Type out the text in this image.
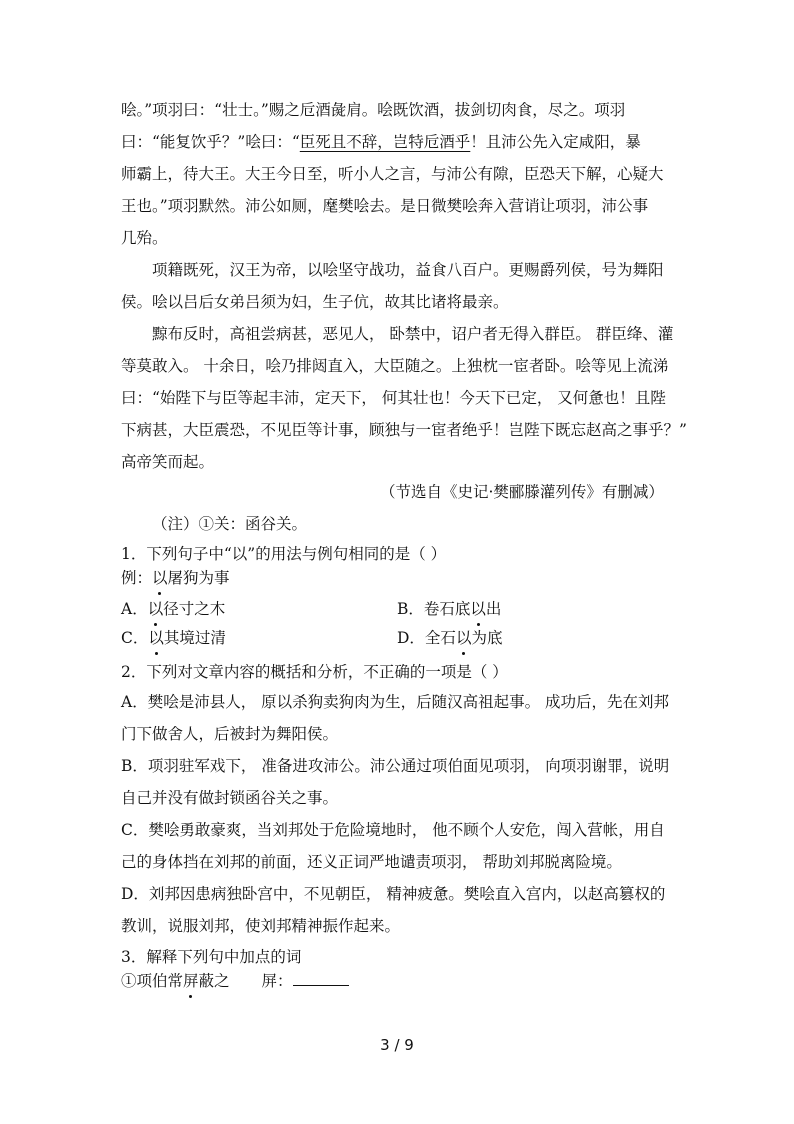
哙。”项羽曰：“壮士。”赐之卮酒彘肩。哙既饮酒，拔剑切肉食，尽之。项羽
曰：“能复饮乎？”哙曰：“臣死且不辞，岂特卮酒乎！且沛公先入定咸阳，暴
师霸上，待大王。大王今日至，听小人之言，与沛公有隙，臣恐天下解，心疑大
王也。”项羽默然。沛公如厕，麾樊哙去。是日微樊哙奔入营诮让项羽，沛公事
几殆。
项籍既死，汉王为帝，以哙坚守战功，益食八百户。更赐爵列侯，号为舞阳
侯。哙以吕后女弟吕须为妇，生子伉，故其比诸将最亲。
黥布反时，高祖尝病甚，恶见人， 卧禁中，诏户者无得入群臣。 群臣绛、灌
等莫敢入。 十余日，哙乃排闼直入，大臣随之。上独枕一宦者卧。哙等见上流涕
曰：“始陛下与臣等起丰沛，定天下， 何其壮也！今天下已定， 又何惫也！且陛
下病甚，大臣震恐，不见臣等计事，顾独与一宦者绝乎！岂陛下既忘赵高之事乎？”
高帝笑而起。
（节选自《史记·樊郦滕灌列传》有删减）
（注）①关：函谷关。
1．下列句子中“以”的用法与例句相同的是（ ）
例：以屠狗为事
A．以径寸之木	B．卷石底以出
C．以其境过清	D．全石以为底
2．下列对文章内容的概括和分析，不正确的一项是（ ）
A．樊哙是沛县人， 原以杀狗卖狗肉为生，后随汉高祖起事。 成功后，先在刘邦
门下做舍人，后被封为舞阳侯。
B．项羽驻军戏下， 准备进攻沛公。沛公通过项伯面见项羽， 向项羽谢罪，说明
自己并没有做封锁函谷关之事。
C．樊哙勇敢豪爽，当刘邦处于危险境地时， 他不顾个人安危，闯入营帐，用自
己的身体挡在刘邦的前面，还义正词严地谴责项羽， 帮助刘邦脱离险境。
D．刘邦因患病独卧宫中，不见朝臣， 精神疲惫。樊哙直入宫内，以赵高篡权的
教训，说服刘邦，使刘邦精神振作起来。
3．解释下列句中加点的词
①项伯常屏蔽之 屏：
3 / 9
